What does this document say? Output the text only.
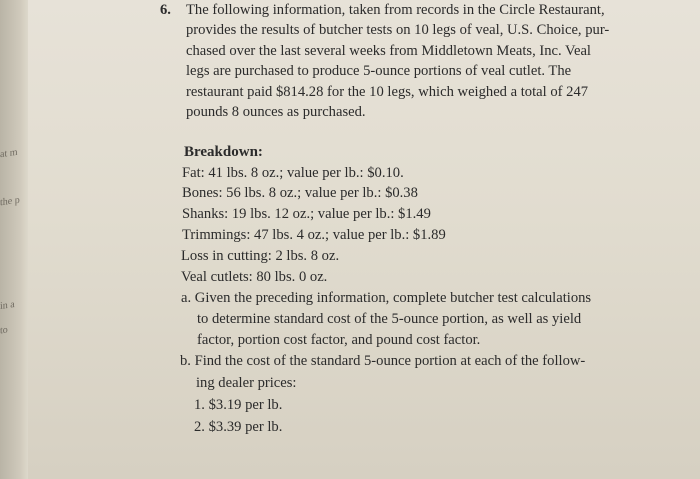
at m
the p
in a
to
6. The following information, taken from records in the Circle Restaurant,
provides the results of butcher tests on 10 legs of veal, U.S. Choice, pur-
chased over the last several weeks from Middletown Meats, Inc. Veal
legs are purchased to produce 5-ounce portions of veal cutlet. The
restaurant paid $814.28 for the 10 legs, which weighed a total of 247
pounds 8 ounces as purchased.
Breakdown:
Fat: 41 lbs. 8 oz.; value per lb.: $0.10.
Bones: 56 lbs. 8 oz.; value per lb.: $0.38
Shanks: 19 lbs. 12 oz.; value per lb.: $1.49
Trimmings: 47 lbs. 4 oz.; value per lb.: $1.89
Loss in cutting: 2 lbs. 8 oz.
Veal cutlets: 80 lbs. 0 oz.
a. Given the preceding information, complete butcher test calculations
to determine standard cost of the 5-ounce portion, as well as yield
factor, portion cost factor, and pound cost factor.
b. Find the cost of the standard 5-ounce portion at each of the follow-
ing dealer prices:
1. $3.19 per lb.
2. $3.39 per lb.
